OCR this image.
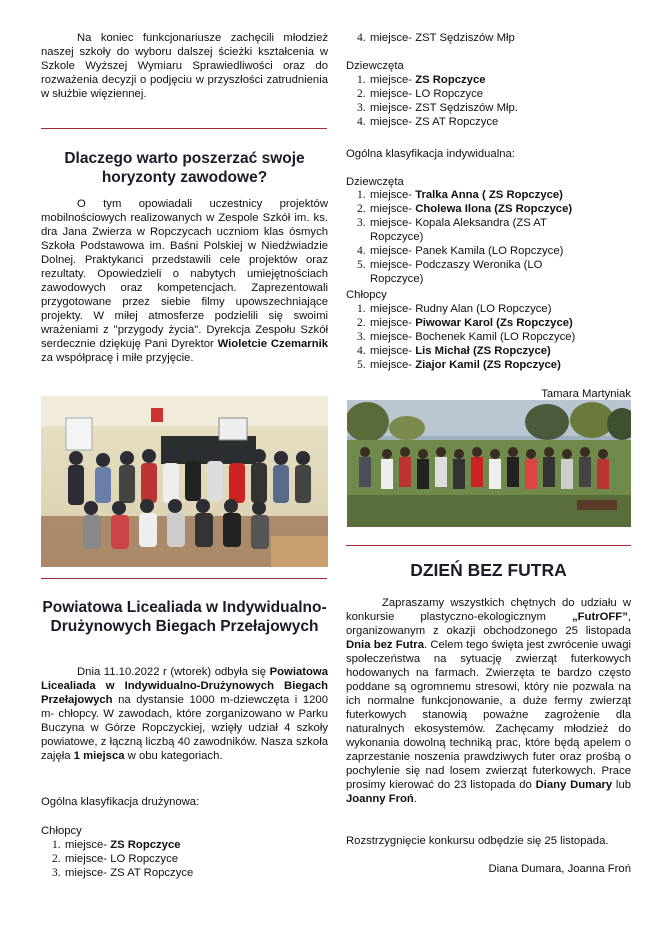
Na koniec funkcjonariusze zachęcili młodzież naszej szkoły do wyboru dalszej ścieżki kształcenia w Szkole Wyższej Wymiaru Sprawiedliwości oraz do rozważenia decyzji o podjęciu w przyszłości zatrudnienia w służbie więziennej.
Dlaczego warto poszerzać swoje horyzonty zawodowe?
O tym opowiadali uczestnicy projektów mobilnościowych realizowanych w Zespole Szkół im. ks. dra Jana Zwierza w Ropczycach uczniom klas ósmych Szkoła Podstawowa im. Baśni Polskiej w Niedźwiadzie Dolnej. Praktykanci przedstawili cele projektów oraz rezultaty. Opowiedzieli o nabytych umiejętnościach zawodowych oraz kompetencjach. Zaprezentowali przygotowane przez siebie filmy upowszechniające projekty. W miłej atmosferze podzielili się swoimi wrażeniami z "przygody życia". Dyrekcja Zespołu Szkół serdecznie dziękuję Pani Dyrektor Wioletcie Czemarnik za współpracę i miłe przyjęcie.
Powiatowa Licealiada w Indywidualno-Drużynowych Biegach Przełajowych
Dnia 11.10.2022 r (wtorek) odbyła się Powiatowa Licealiada w Indywidualno-Drużynowych Biegach Przełajowych na dystansie 1000 m-dziewczęta i 1200 m- chłopcy. W zawodach, które zorganizowano w Parku Buczyna w Górze Ropczyckiej, wzięły udział 4 szkoły powiatowe, z łączną liczbą 40 zawodników. Nasza szkoła zajęła 1 miejsca w obu kategoriach.
Ogólna klasyfikacja drużynowa:
Chłopcy
1. miejsce- ZS Ropczyce
2. miejsce- LO Ropczyce
3. miejsce- ZS AT Ropczyce
4. miejsce- ZST Sędziszów Młp
Dziewczęta
1. miejsce- ZS Ropczyce
2. miejsce- LO Ropczyce
3. miejsce- ZST Sędziszów Młp.
4. miejsce- ZS AT Ropczyce
Ogólna klasyfikacja indywidualna:
Dziewczęta
1. miejsce- Tralka Anna ( ZS Ropczyce)
2. miejsce- Cholewa Ilona (ZS Ropczyce)
3. miejsce- Kopala Aleksandra (ZS AT Ropczyce)
4. miejsce- Panek Kamila (LO Ropczyce)
5. miejsce- Podczaszy Weronika (LO Ropczyce)
Chłopcy
1. miejsce- Rudny Alan (LO Ropczyce)
2. miejsce- Piwowar Karol (Zs Ropczyce)
3. miejsce- Bochenek Kamil (LO Ropczyce)
4. miejsce- Lis Michał (ZS Ropczyce)
5. miejsce- Ziajor Kamil (ZS Ropczyce)
Tamara Martyniak
DZIEŃ BEZ FUTRA
Zapraszamy wszystkich chętnych do udziału w konkursie plastyczno-ekologicznym „FutrOFF”, organizowanym z okazji obchodzonego 25 listopada Dnia bez Futra. Celem tego święta jest zwrócenie uwagi społeczeństwa na sytuację zwierząt futerkowych hodowanych na farmach. Zwierzęta te bardzo często poddane są ogromnemu stresowi, który nie pozwala na ich normalne funkcjonowanie, a duże fermy zwierząt futerkowych stanowią poważne zagrożenie dla naturalnych ekosystemów. Zachęcamy młodzież do wykonania dowolną techniką prac, które będą apelem o zaprzestanie noszenia prawdziwych futer oraz prośbą o pochylenie się nad losem zwierząt futerkowych. Prace prosimy kierować do 23 listopada do Diany Dumary lub Joanny Froń.
Rozstrzygnięcie konkursu odbędzie się 25 listopada.
Diana Dumara, Joanna Froń
